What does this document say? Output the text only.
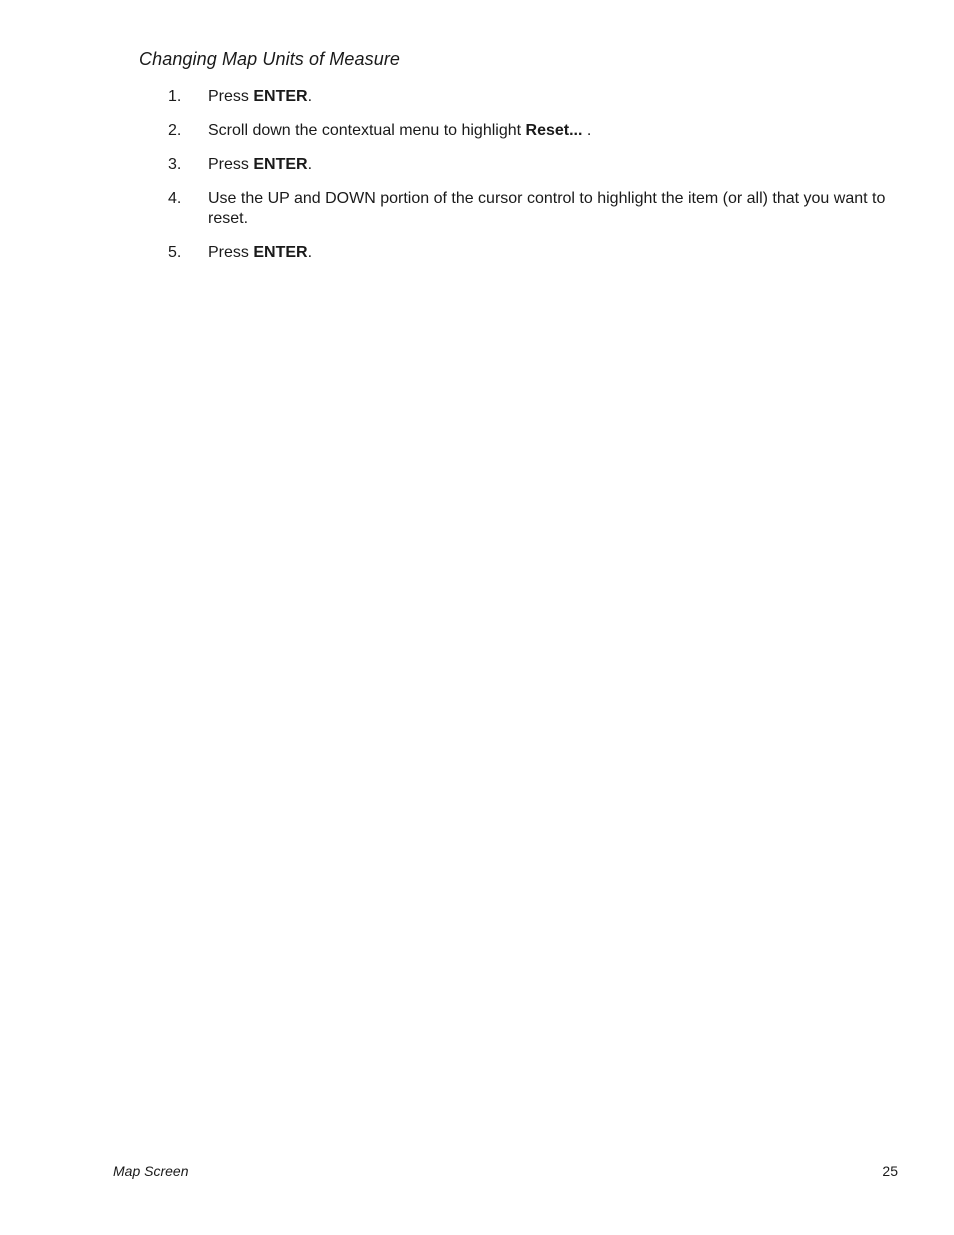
Changing Map Units of Measure
1.	Press ENTER.
2.	Scroll down the contextual menu to highlight Reset... .
3.	Press ENTER.
4.	Use the UP and DOWN portion of the cursor control to highlight the item (or all) that you want to reset.
5.	Press ENTER.
Map Screen	25
